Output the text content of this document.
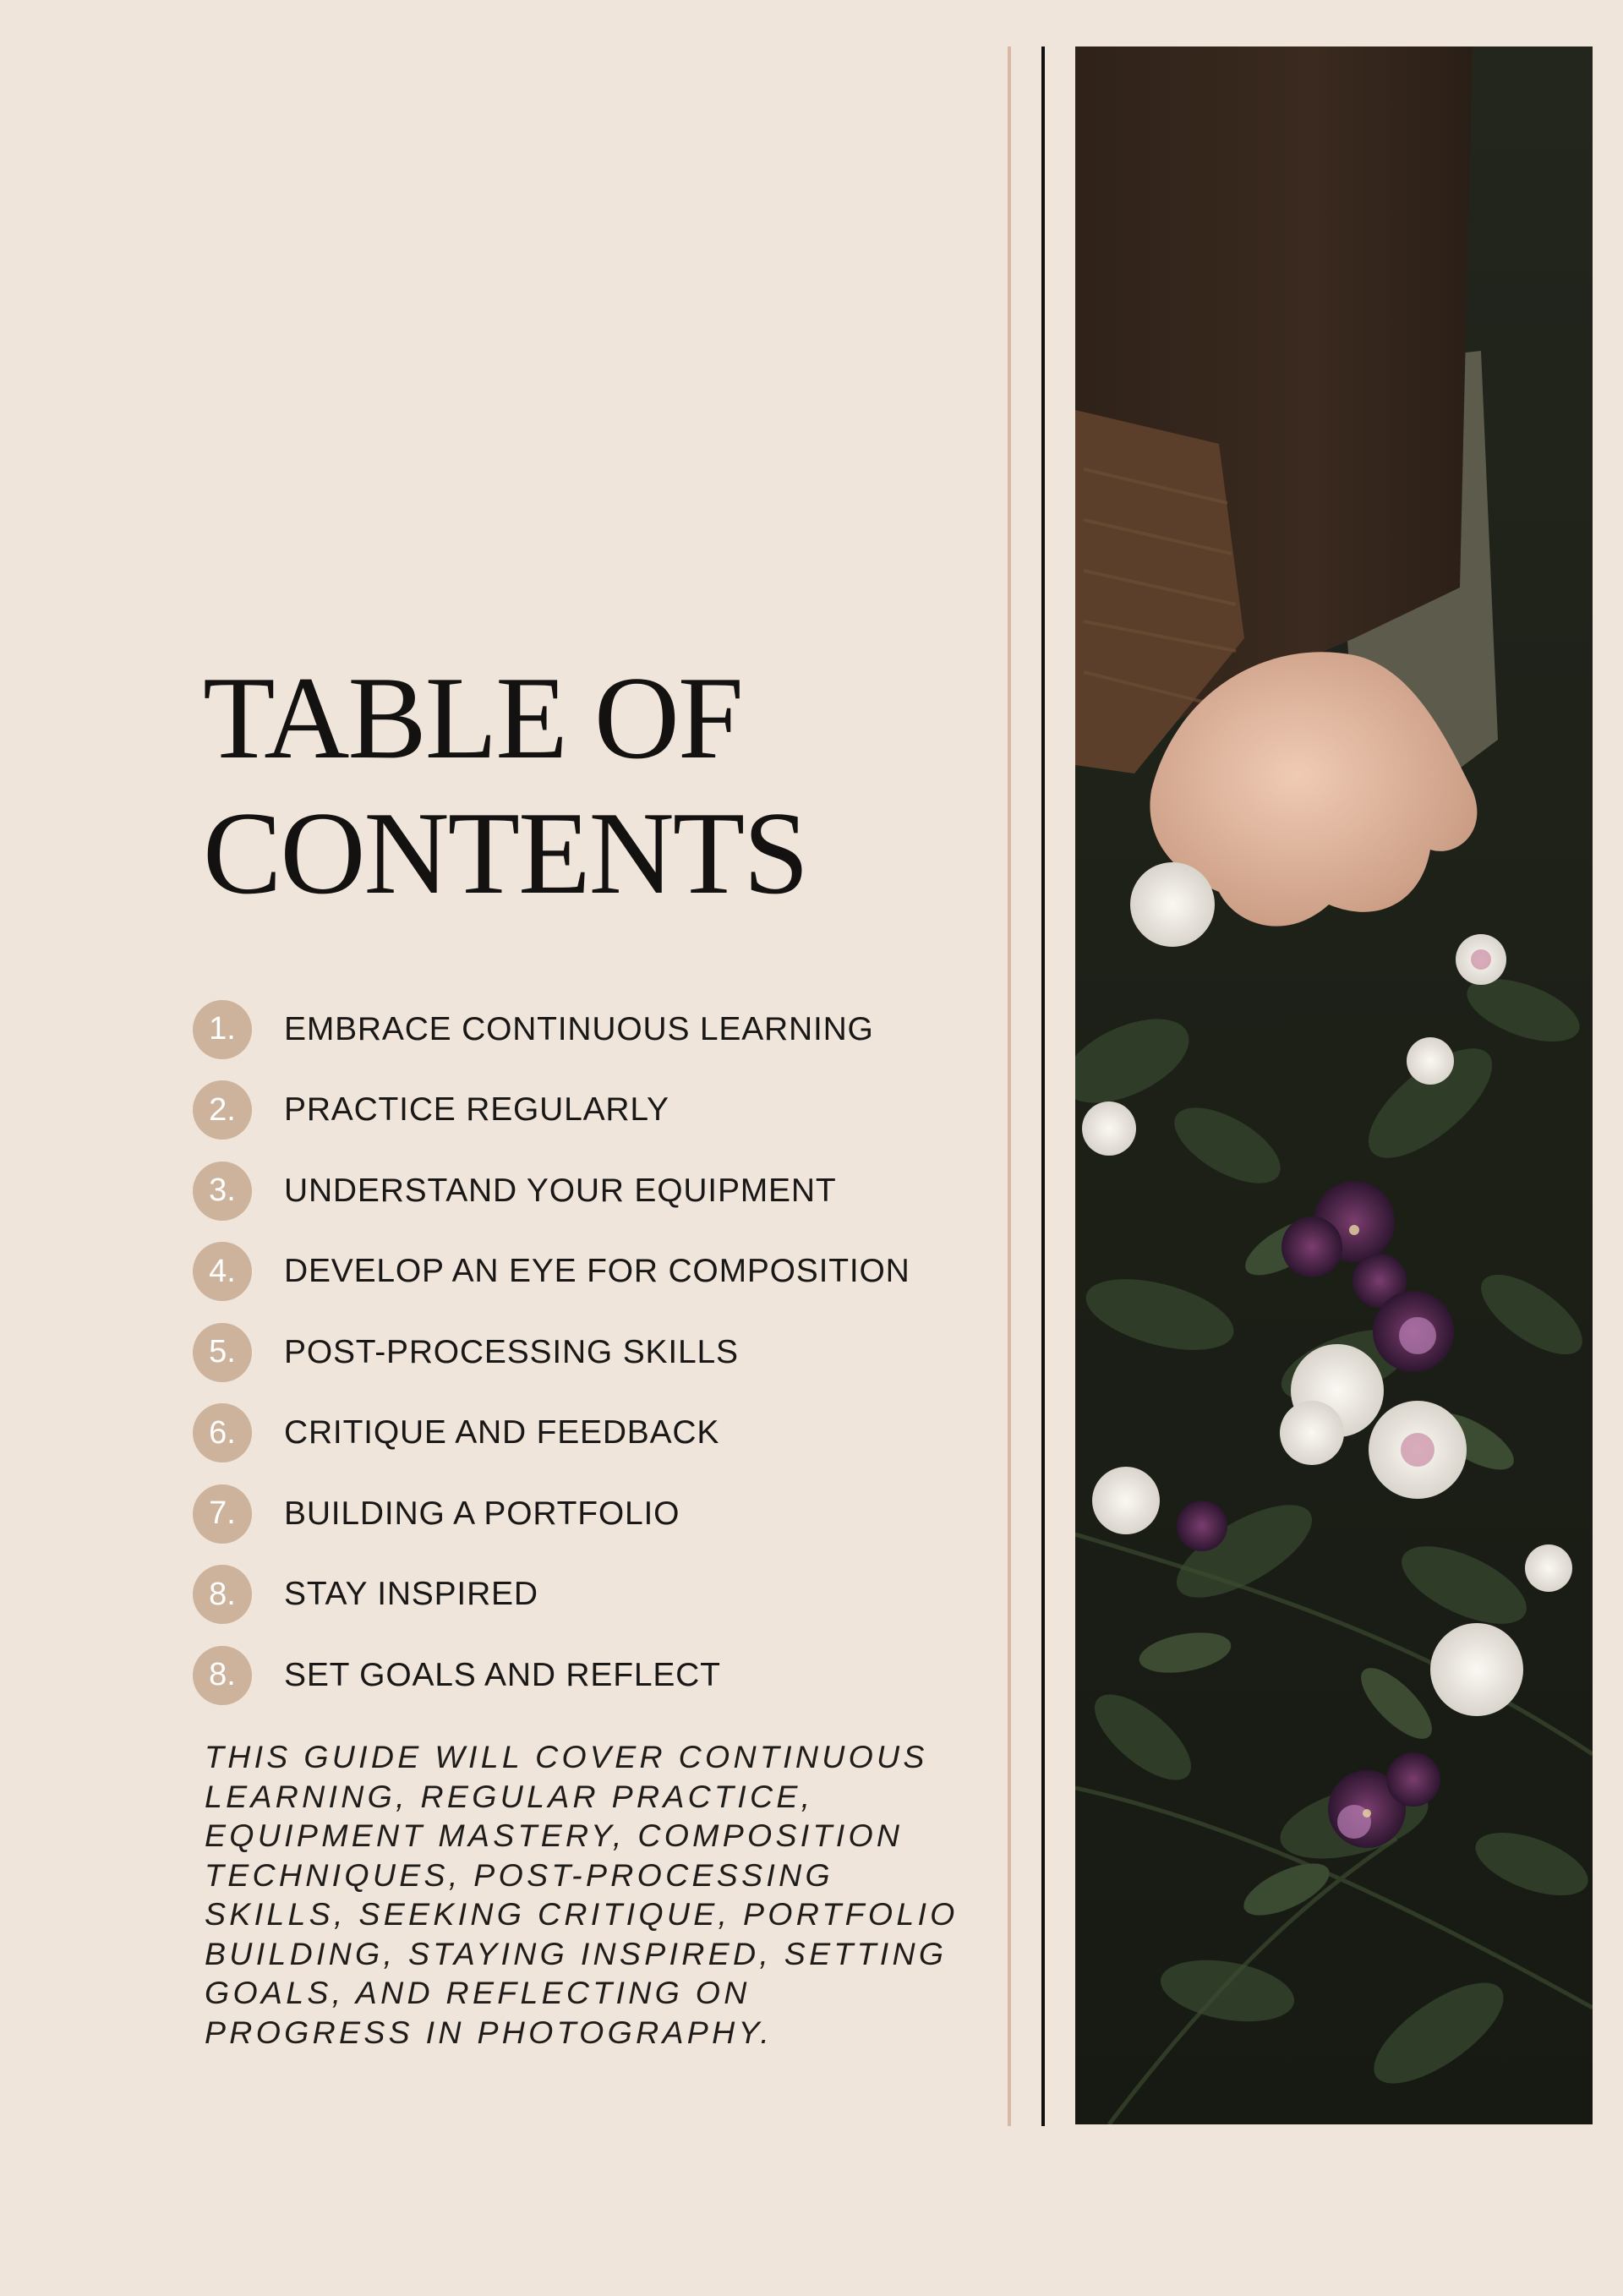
TABLE OF
CONTENTS
1.	EMBRACE CONTINUOUS LEARNING
2.	PRACTICE REGULARLY
3.	UNDERSTAND YOUR EQUIPMENT
4.	DEVELOP AN EYE FOR COMPOSITION
5.	POST-PROCESSING SKILLS
6.	CRITIQUE AND FEEDBACK
7.	BUILDING A PORTFOLIO
8.	STAY INSPIRED
8.	SET GOALS AND REFLECT

THIS GUIDE WILL COVER CONTINUOUS LEARNING, REGULAR PRACTICE, EQUIPMENT MASTERY, COMPOSITION TECHNIQUES, POST-PROCESSING SKILLS, SEEKING CRITIQUE, PORTFOLIO BUILDING, STAYING INSPIRED, SETTING GOALS, AND REFLECTING ON PROGRESS IN PHOTOGRAPHY.
